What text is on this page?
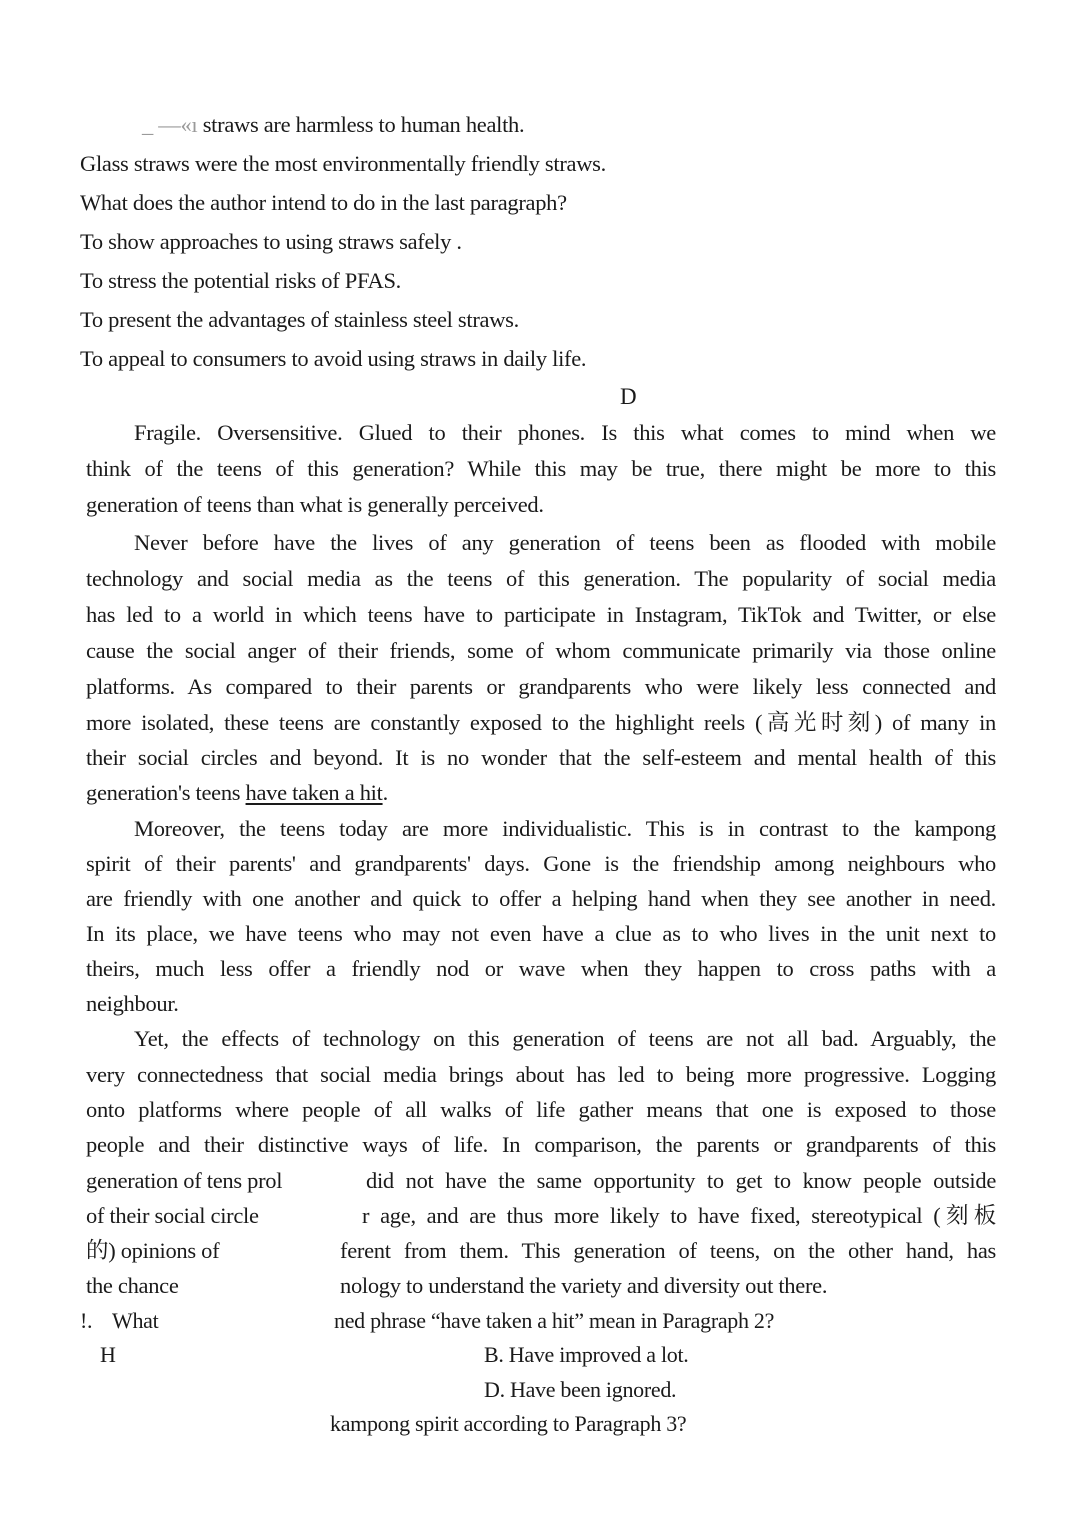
_ —«ı straws are harmless to human health.
Glass straws were the most environmentally friendly straws.
What does the author intend to do in the last paragraph?
To show approaches to using straws safely .
To stress the potential risks of PFAS.
To present the advantages of stainless steel straws.
To appeal to consumers to avoid using straws in daily life.
D
Fragile. Oversensitive. Glued to their phones. Is this what comes to mind when we
think of the teens of this generation? While this may be true, there might be more to this
generation of teens than what is generally perceived.
Never before have the lives of any generation of teens been as flooded with mobile
technology and social media as the teens of this generation. The popularity of social media
has led to a world in which teens have to participate in Instagram, TikTok and Twitter, or else
cause the social anger of their friends, some of whom communicate primarily via those online
platforms. As compared to their parents or grandparents who were likely less connected and
more isolated, these teens are constantly exposed to the highlight reels (高光时刻) of many in
their social circles and beyond. It is no wonder that the self-esteem and mental health of this
generation's teens have taken a hit.
Moreover, the teens today are more individualistic. This is in contrast to the kampong
spirit of their parents' and grandparents' days. Gone is the friendship among neighbours who
are friendly with one another and quick to offer a helping hand when they see another in need.
In its place, we have teens who may not even have a clue as to who lives in the unit next to
theirs, much less offer a friendly nod or wave when they happen to cross paths with a
neighbour.
Yet, the effects of technology on this generation of teens are not all bad. Arguably, the
very connectedness that social media brings about has led to being more progressive. Logging
onto platforms where people of all walks of life gather means that one is exposed to those
people and their distinctive ways of life. In comparison, the parents or grandparents of this
generation of tens prol	did not have the same opportunity to get to know people outside
of their social circle	r age, and are thus more likely to have fixed, stereotypical (刻板
的) opinions of	ferent from them. This generation of teens, on the other hand, has
the chance	nology to understand the variety and diversity out there.
!. What	ned phrase “have taken a hit” mean in Paragraph 2?
H	B. Have improved a lot.
D. Have been ignored.
kampong spirit according to Paragraph 3?
